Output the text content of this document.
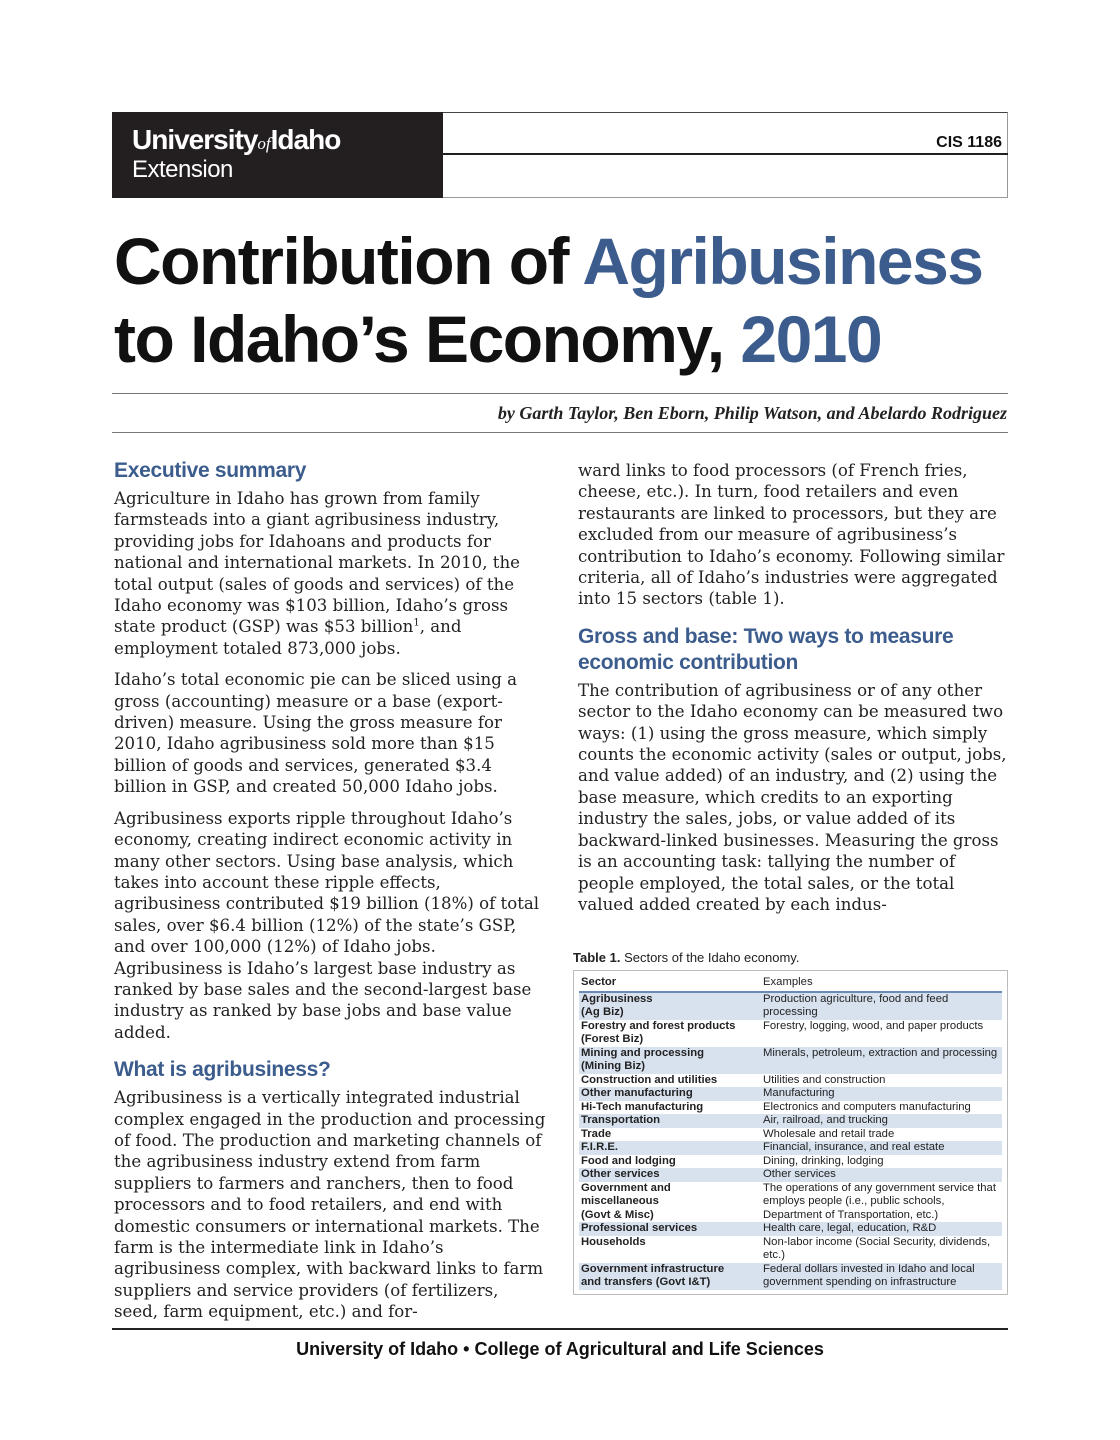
UniversityofIdaho
Extension
CIS 1186
Contribution of Agribusiness
to Idaho’s Economy, 2010
by Garth Taylor, Ben Eborn, Philip Watson, and Abelardo Rodriguez
Executive summary

Agriculture in Idaho has grown from family farmsteads into a giant agribusiness industry, providing jobs for Idahoans and products for national and international markets. In 2010, the total output (sales of goods and services) of the Idaho economy was $103 billion, Idaho’s gross state product (GSP) was $53 billion$^1$, and employment totaled 873,000 jobs.

Idaho’s total economic pie can be sliced using a gross (accounting) measure or a base (export-driven) measure. Using the gross measure for 2010, Idaho agribusiness sold more than $15 billion of goods and services, generated $3.4 billion in GSP, and created 50,000 Idaho jobs.

Agribusiness exports ripple throughout Idaho’s economy, creating indirect economic activity in many other sectors. Using base analysis, which takes into account these ripple effects, agribusiness contributed $19 billion (18%) of total sales, over $6.4 billion (12%) of the state’s GSP, and over 100,000 (12%) of Idaho jobs. Agribusiness is Idaho’s largest base industry as ranked by base sales and the second-largest base industry as ranked by base jobs and base value added.

What is agribusiness?

Agribusiness is a vertically integrated industrial complex engaged in the production and processing of food. The production and marketing channels of the agribusiness industry extend from farm suppliers to farmers and ranchers, then to food processors and to food retailers, and end with domestic consumers or international markets. The farm is the intermediate link in Idaho’s agribusiness complex, with backward links to farm suppliers and service providers (of fertilizers, seed, farm equipment, etc.) and for-

ward links to food processors (of French fries, cheese, etc.). In turn, food retailers and even restaurants are linked to processors, but they are excluded from our measure of agribusiness’s contribution to Idaho’s economy. Following similar criteria, all of Idaho’s industries were aggregated into 15 sectors (table 1).

Gross and base: Two ways to measure economic contribution

The contribution of agribusiness or of any other sector to the Idaho economy can be measured two ways: (1) using the gross measure, which simply counts the economic activity (sales or output, jobs, and value added) of an industry, and (2) using the base measure, which credits to an exporting industry the sales, jobs, or value added of its backward-linked businesses. Measuring the gross is an accounting task: tallying the number of people employed, the total sales, or the total valued added created by each indus-

Table 1. Sectors of the Idaho economy.
Sector	Examples
Agribusiness
(Ag Biz)	Production agriculture, food and feed processing
Forestry and forest products
(Forest Biz)	Forestry, logging, wood, and paper products
Mining and processing
(Mining Biz)	Minerals, petroleum, extraction and processing
Construction and utilities	Utilities and construction
Other manufacturing	Manufacturing
Hi-Tech manufacturing	Electronics and computers manufacturing
Transportation	Air, railroad, and trucking
Trade	Wholesale and retail trade
F.I.R.E.	Financial, insurance, and real estate
Food and lodging	Dining, drinking, lodging
Other services	Other services
Government and
miscellaneous
(Govt & Misc)	The operations of any government service that employs people (i.e., public schools, Department of Transportation, etc.)
Professional services	Health care, legal, education, R&D
Households	Non-labor income (Social Security, dividends, etc.)
Government infrastructure
and transfers (Govt I&T)	Federal dollars invested in Idaho and local government spending on infrastructure
University of Idaho • College of Agricultural and Life Sciences
